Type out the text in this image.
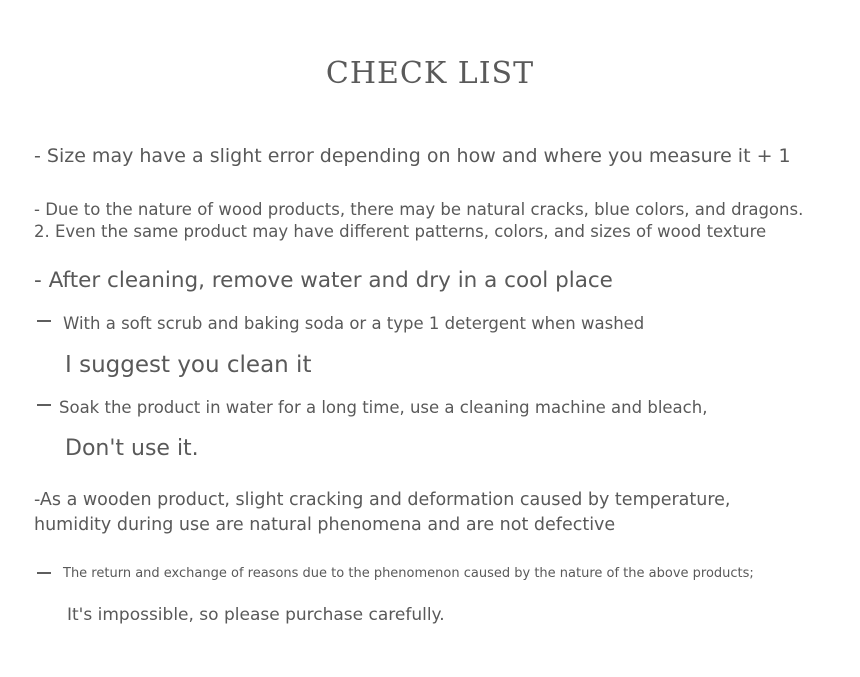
CHECK LIST
- Size may have a slight error depending on how and where you measure it + 1
- Due to the nature of wood products, there may be natural cracks, blue colors, and dragons.
2. Even the same product may have different patterns, colors, and sizes of wood texture
- After cleaning, remove water and dry in a cool place
With a soft scrub and baking soda or a type 1 detergent when washed
I suggest you clean it
Soak the product in water for a long time, use a cleaning machine and bleach,
Don't use it.
-As a wooden product, slight cracking and deformation caused by temperature,
humidity during use are natural phenomena and are not defective
The return and exchange of reasons due to the phenomenon caused by the nature of the above products;
It's impossible, so please purchase carefully.
